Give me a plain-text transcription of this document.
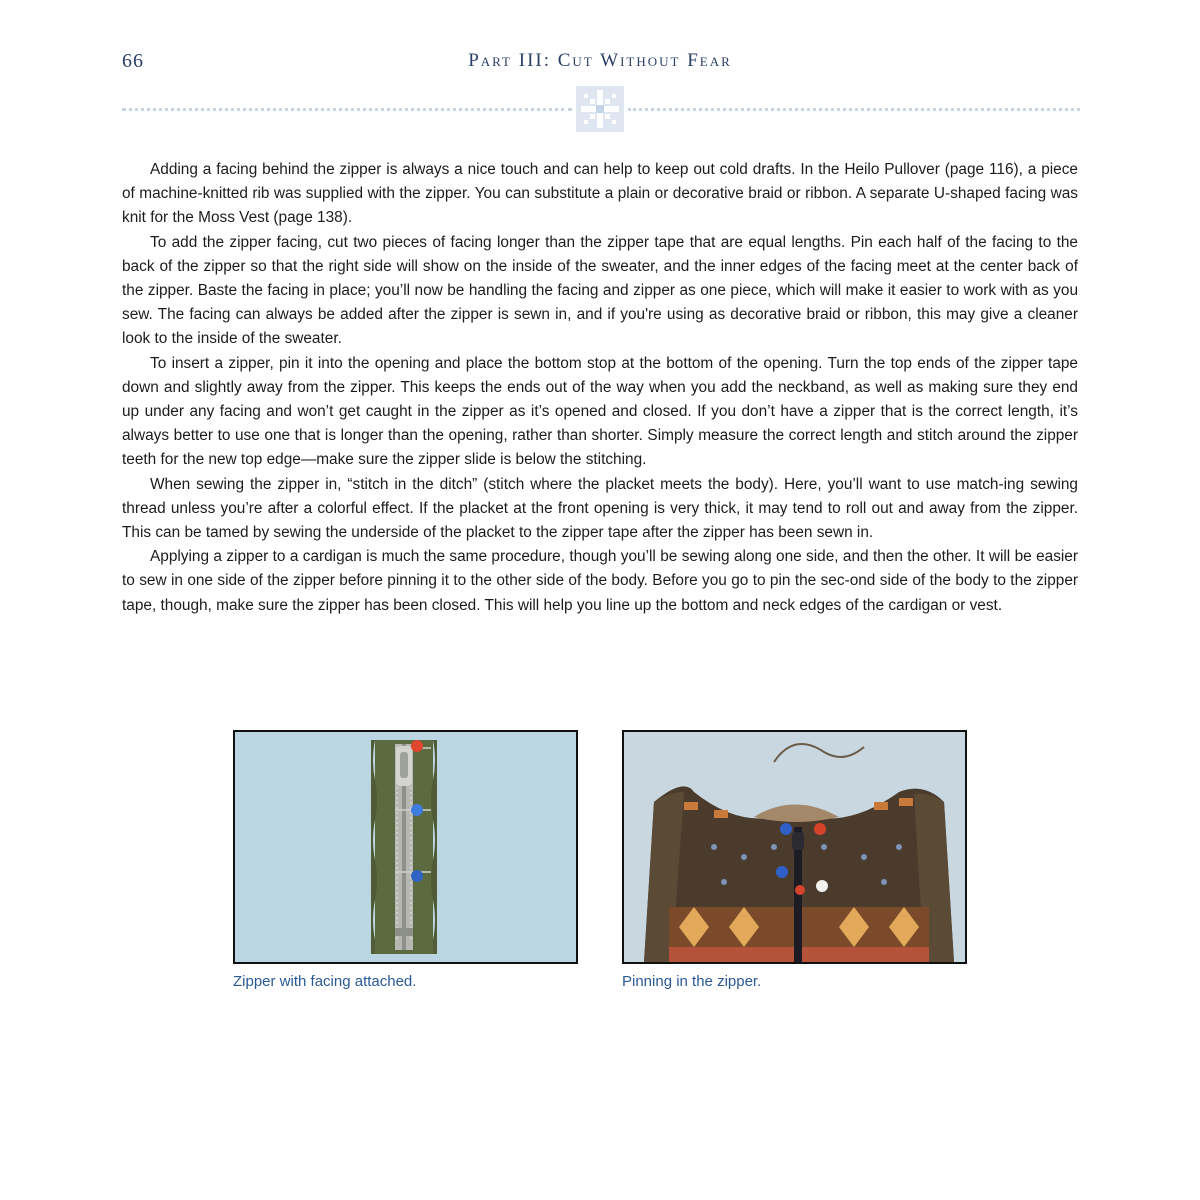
66	Part III: Cut Without Fear

Adding a facing behind the zipper is always a nice touch and can help to keep out cold drafts. In the Heilo Pullover (page 116), a piece of machine-knitted rib was supplied with the zipper. You can substitute a plain or decorative braid or ribbon. A separate U-shaped facing was knit for the Moss Vest (page 138).

To add the zipper facing, cut two pieces of facing longer than the zipper tape that are equal lengths. Pin each half of the facing to the back of the zipper so that the right side will show on the inside of the sweater, and the inner edges of the facing meet at the center back of the zipper. Baste the facing in place; you’ll now be handling the facing and zipper as one piece, which will make it easier to work with as you sew. The facing can always be added after the zipper is sewn in, and if you're using as decorative braid or ribbon, this may give a cleaner look to the inside of the sweater.

To insert a zipper, pin it into the opening and place the bottom stop at the bottom of the opening. Turn the top ends of the zipper tape down and slightly away from the zipper. This keeps the ends out of the way when you add the neckband, as well as making sure they end up under any facing and won’t get caught in the zipper as it’s opened and closed. If you don’t have a zipper that is the correct length, it’s always better to use one that is longer than the opening, rather than shorter. Simply measure the correct length and stitch around the zipper teeth for the new top edge—make sure the zipper slide is below the stitching.

When sewing the zipper in, “stitch in the ditch” (stitch where the placket meets the body). Here, you’ll want to use match-ing sewing thread unless you’re after a colorful effect. If the placket at the front opening is very thick, it may tend to roll out and away from the zipper. This can be tamed by sewing the underside of the placket to the zipper tape after the zipper has been sewn in.

Applying a zipper to a cardigan is much the same procedure, though you’ll be sewing along one side, and then the other. It will be easier to sew in one side of the zipper before pinning it to the other side of the body. Before you go to pin the sec-ond side of the body to the zipper tape, though, make sure the zipper has been closed. This will help you line up the bottom and neck edges of the cardigan or vest.

Zipper with facing attached.	Pinning in the zipper.
